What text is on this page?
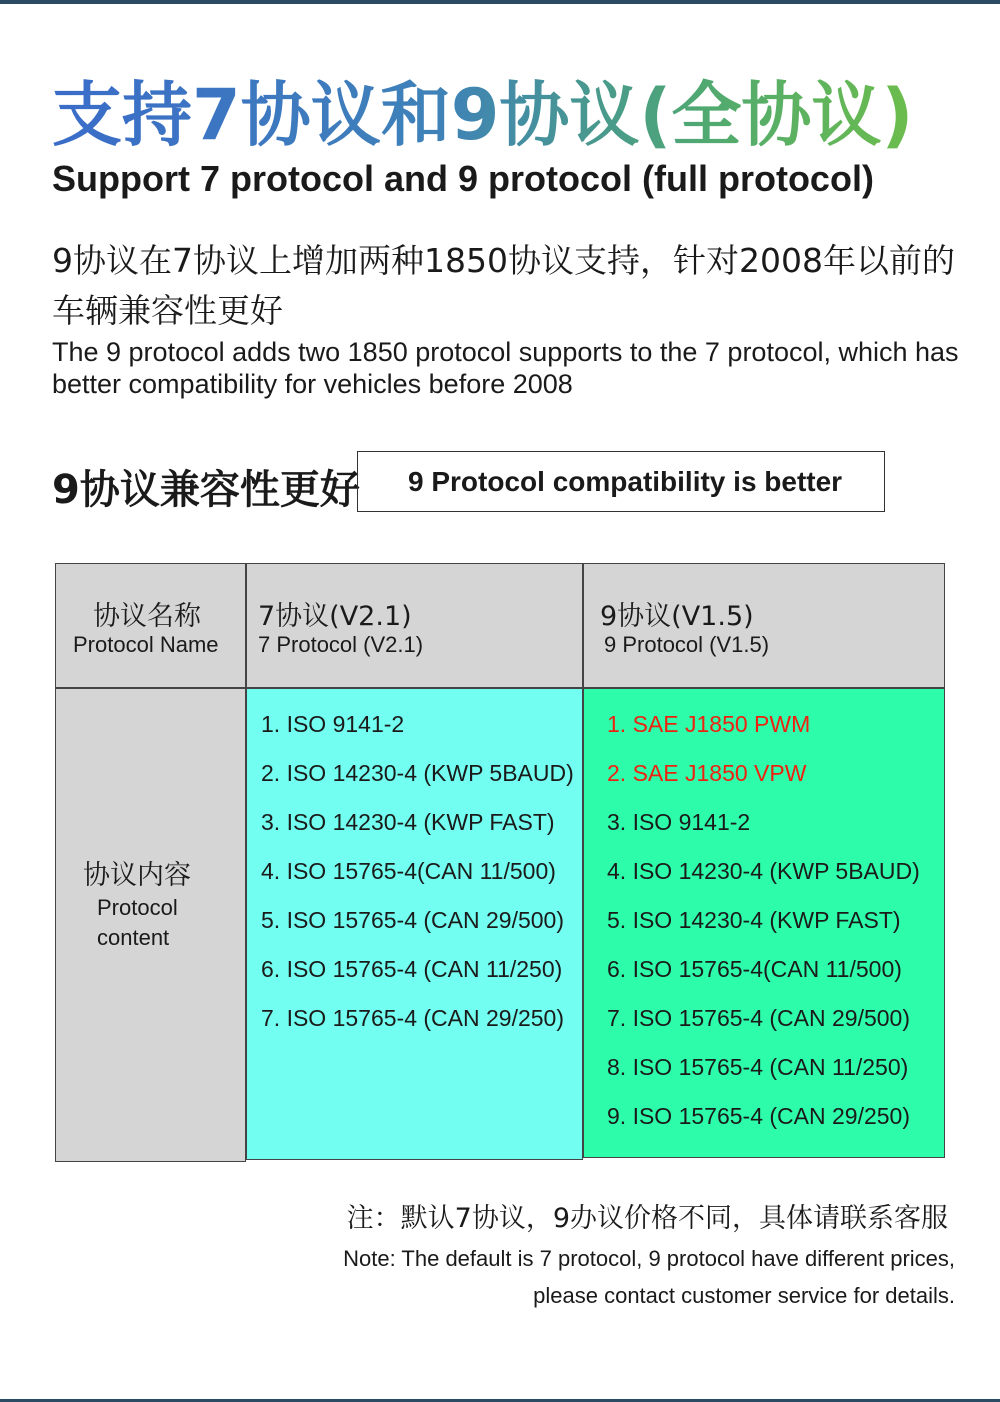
支持7协议和9协议(全协议)
Support 7 protocol and 9 protocol (full protocol)

9协议在7协议上增加两种1850协议支持，针对2008年以前的车辆兼容性更好

The 9 protocol adds two 1850 protocol supports to the 7 protocol, which has better compatibility for vehicles before 2008

9协议兼容性更好 9 Protocol compatibility is better
协议名称
Protocol Name
7协议(V2.1)
7 Protocol (V2.1)
9协议(V1.5)
9 Protocol (V1.5)
协议内容
Protocol
content
1. ISO 9141-2
2. ISO 14230-4 (KWP 5BAUD)
3. ISO 14230-4 (KWP FAST)
4. ISO 15765-4(CAN 11/500)
5. ISO 15765-4 (CAN 29/500)
6. ISO 15765-4 (CAN 11/250)
7. ISO 15765-4 (CAN 29/250)
1. SAE J1850 PWM
2. SAE J1850 VPW
3. ISO 9141-2
4. ISO 14230-4 (KWP 5BAUD)
5. ISO 14230-4 (KWP FAST)
6. ISO 15765-4(CAN 11/500)
7. ISO 15765-4 (CAN 29/500)
8. ISO 15765-4 (CAN 11/250)
9. ISO 15765-4 (CAN 29/250)

注：默认7协议，9办议价格不同，具体请联系客服

Note: The default is 7 protocol, 9 protocol have different prices,
please contact customer service for details.
